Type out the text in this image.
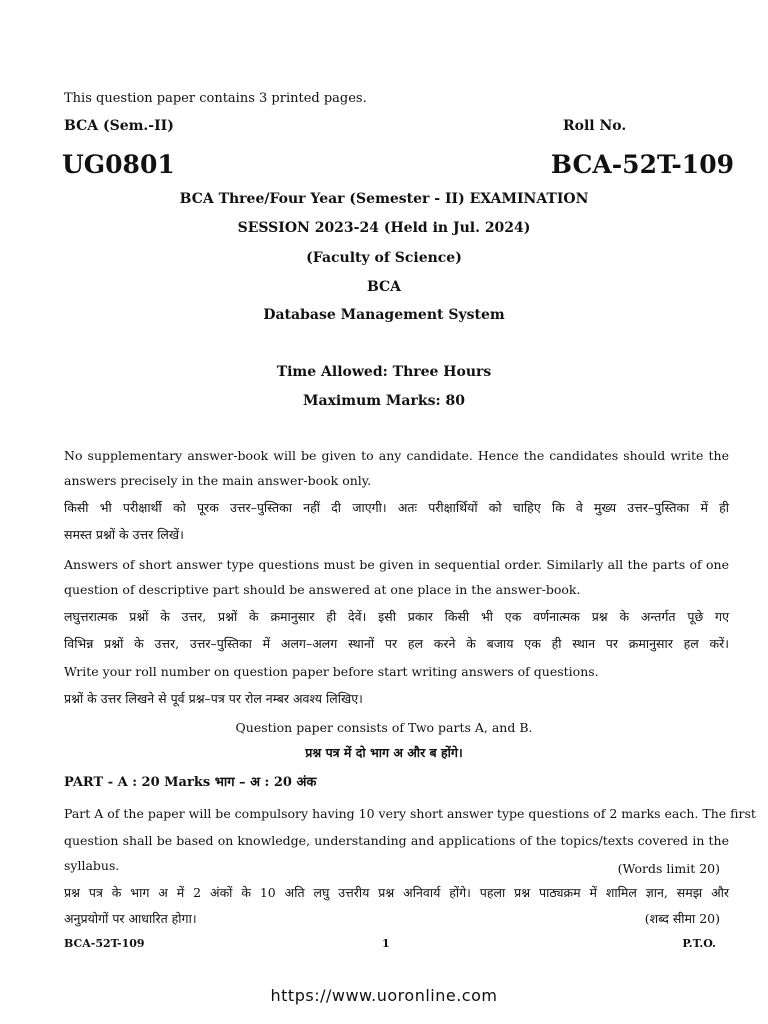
This question paper contains 3 printed pages.
BCA (Sem.-II)	Roll No.
UG0801	BCA-52T-109
BCA Three/Four Year (Semester - II) EXAMINATION
SESSION 2023-24 (Held in Jul. 2024)
(Faculty of Science)
BCA
Database Management System
Time Allowed: Three Hours
Maximum Marks: 80
No supplementary answer-book will be given to any candidate. Hence the candidates should write the
answers precisely in the main answer-book only.
किसी भी परीक्षार्थी को पूरक उत्तर–पुस्तिका नहीं दी जाएगी। अतः परीक्षार्थियों को चाहिए कि वे मुख्य उत्तर–पुस्तिका में ही
समस्त प्रश्नों के उत्तर लिखें।
Answers of short answer type questions must be given in sequential order. Similarly all the parts of one
question of descriptive part should be answered at one place in the answer-book.
लघुत्तरात्मक प्रश्नों के उत्तर, प्रश्नों के क्रमानुसार ही देवें। इसी प्रकार किसी भी एक वर्णनात्मक प्रश्न के अन्तर्गत पूछे गए
विभिन्न प्रश्नों के उत्तर, उत्तर–पुस्तिका में अलग–अलग स्थानों पर हल करने के बजाय एक ही स्थान पर क्रमानुसार हल करें।
Write your roll number on question paper before start writing answers of questions.
प्रश्नों के उत्तर लिखने से पूर्व प्रश्न–पत्र पर रोल नम्बर अवश्य लिखिए।
Question paper consists of Two parts A, and B.
प्रश्न पत्र में दो भाग अ और ब होंगे।
PART - A : 20 Marks भाग – अ : 20 अंक
Part A of the paper will be compulsory having 10 very short answer type questions of 2 marks each. The first
question shall be based on knowledge, understanding and applications of the topics/texts covered in the
syllabus.	(Words limit 20)
प्रश्न पत्र के भाग अ में 2 अंकों के 10 अति लघु उत्तरीय प्रश्न अनिवार्य होंगे। पहला प्रश्न पाठ्यक्रम में शामिल ज्ञान, समझ और
अनुप्रयोगों पर आधारित होगा।	(शब्द सीमा 20)
BCA-52T-109	1	P.T.O.
https://www.uoronline.com
